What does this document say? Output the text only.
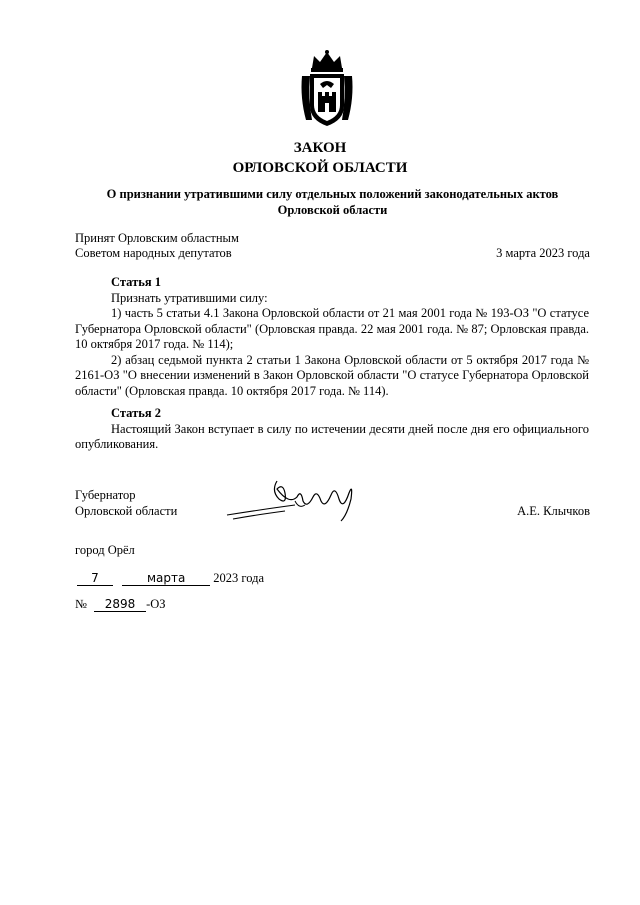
ЗАКОН
ОРЛОВСКОЙ ОБЛАСТИ
О признании утратившими силу отдельных положений законодательных актов
Орловской области
Принят Орловским областным
Советом народных депутатов	3 марта 2023 года
Статья 1
Признать утратившими силу:
1) часть 5 статьи 4.1 Закона Орловской области от 21 мая 2001 года № 193-ОЗ "О статусе Губернатора Орловской области" (Орловская правда. 22 мая 2001 года. № 87; Орловская правда. 10 октября 2017 года. № 114);
2) абзац седьмой пункта 2 статьи 1 Закона Орловской области от 5 октября 2017 года № 2161-ОЗ "О внесении изменений в Закон Орловской области "О статусе Губернатора Орловской области" (Орловская правда. 10 октября 2017 года. № 114).
Статья 2
Настоящий Закон вступает в силу по истечении десяти дней после дня его официального опубликования.
Губернатор
Орловской области	А.Е. Клычков
город Орёл
7	марта 2023 года
№ 2898 -ОЗ
